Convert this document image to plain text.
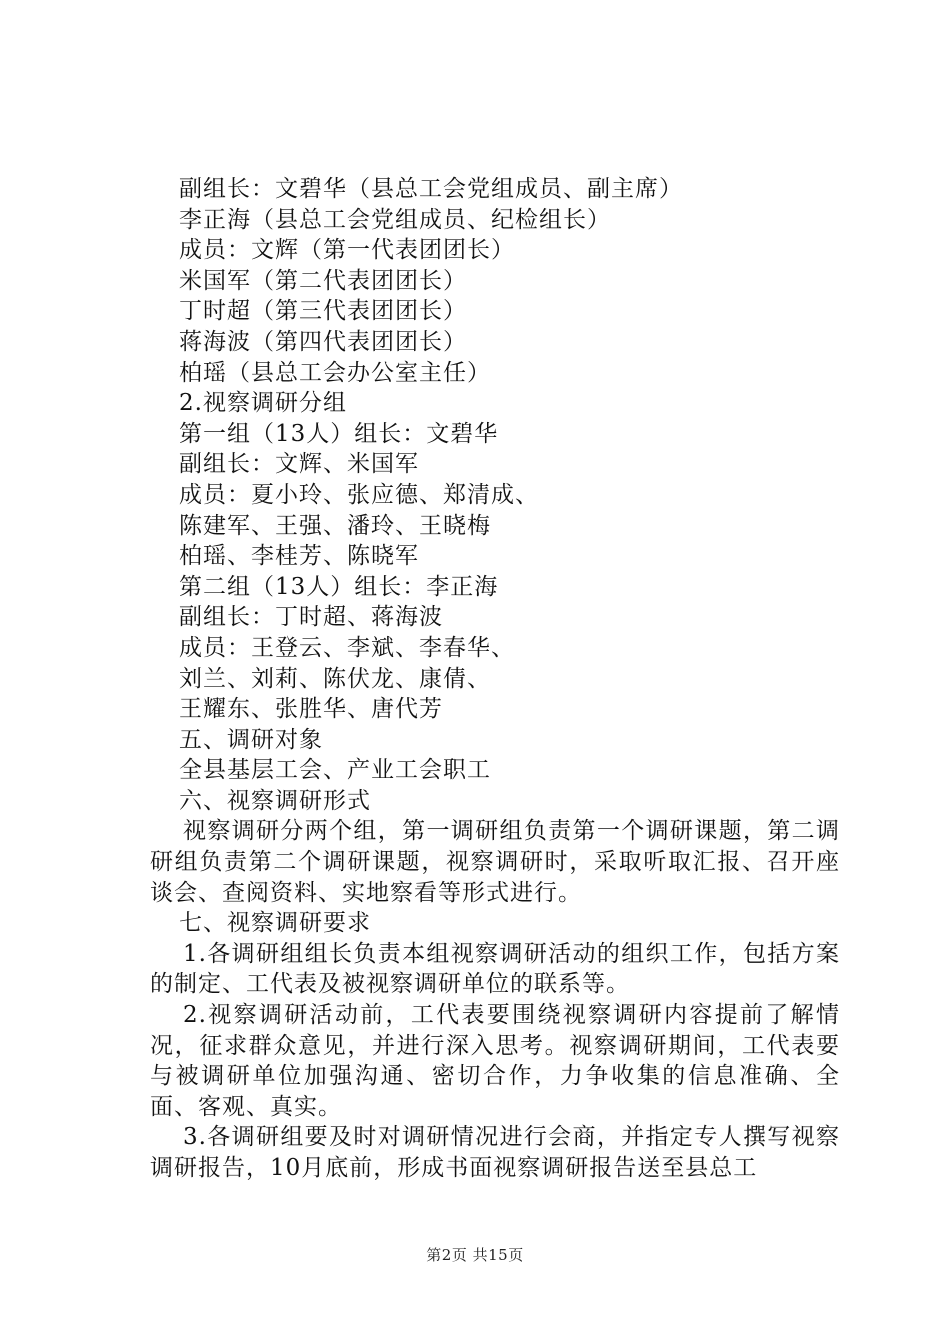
副组长：文碧华（县总工会党组成员、副主席）
李正海（县总工会党组成员、纪检组长）
成员：文辉（第一代表团团长）
米国军（第二代表团团长）
丁时超（第三代表团团长）
蒋海波（第四代表团团长）
柏瑶（县总工会办公室主任）
2.视察调研分组
第一组（13人）组长：文碧华
副组长：文辉、米国军
成员：夏小玲、张应德、郑清成、
陈建军、王强、潘玲、王晓梅
柏瑶、李桂芳、陈晓军
第二组（13人）组长：李正海
副组长：丁时超、蒋海波
成员：王登云、李斌、李春华、
刘兰、刘莉、陈伏龙、康倩、
王耀东、张胜华、唐代芳
五、调研对象
全县基层工会、产业工会职工
六、视察调研形式
视察调研分两个组，第一调研组负责第一个调研课题，第二调研组负责第二个调研课题，视察调研时，采取听取汇报、召开座谈会、查阅资料、实地察看等形式进行。
七、视察调研要求
1.各调研组组长负责本组视察调研活动的组织工作，包括方案的制定、工代表及被视察调研单位的联系等。
2.视察调研活动前，工代表要围绕视察调研内容提前了解情况，征求群众意见，并进行深入思考。视察调研期间，工代表要与被调研单位加强沟通、密切合作，力争收集的信息准确、全面、客观、真实。
3.各调研组要及时对调研情况进行会商，并指定专人撰写视察调研报告，10月底前，形成书面视察调研报告送至县总工
第2页 共15页
